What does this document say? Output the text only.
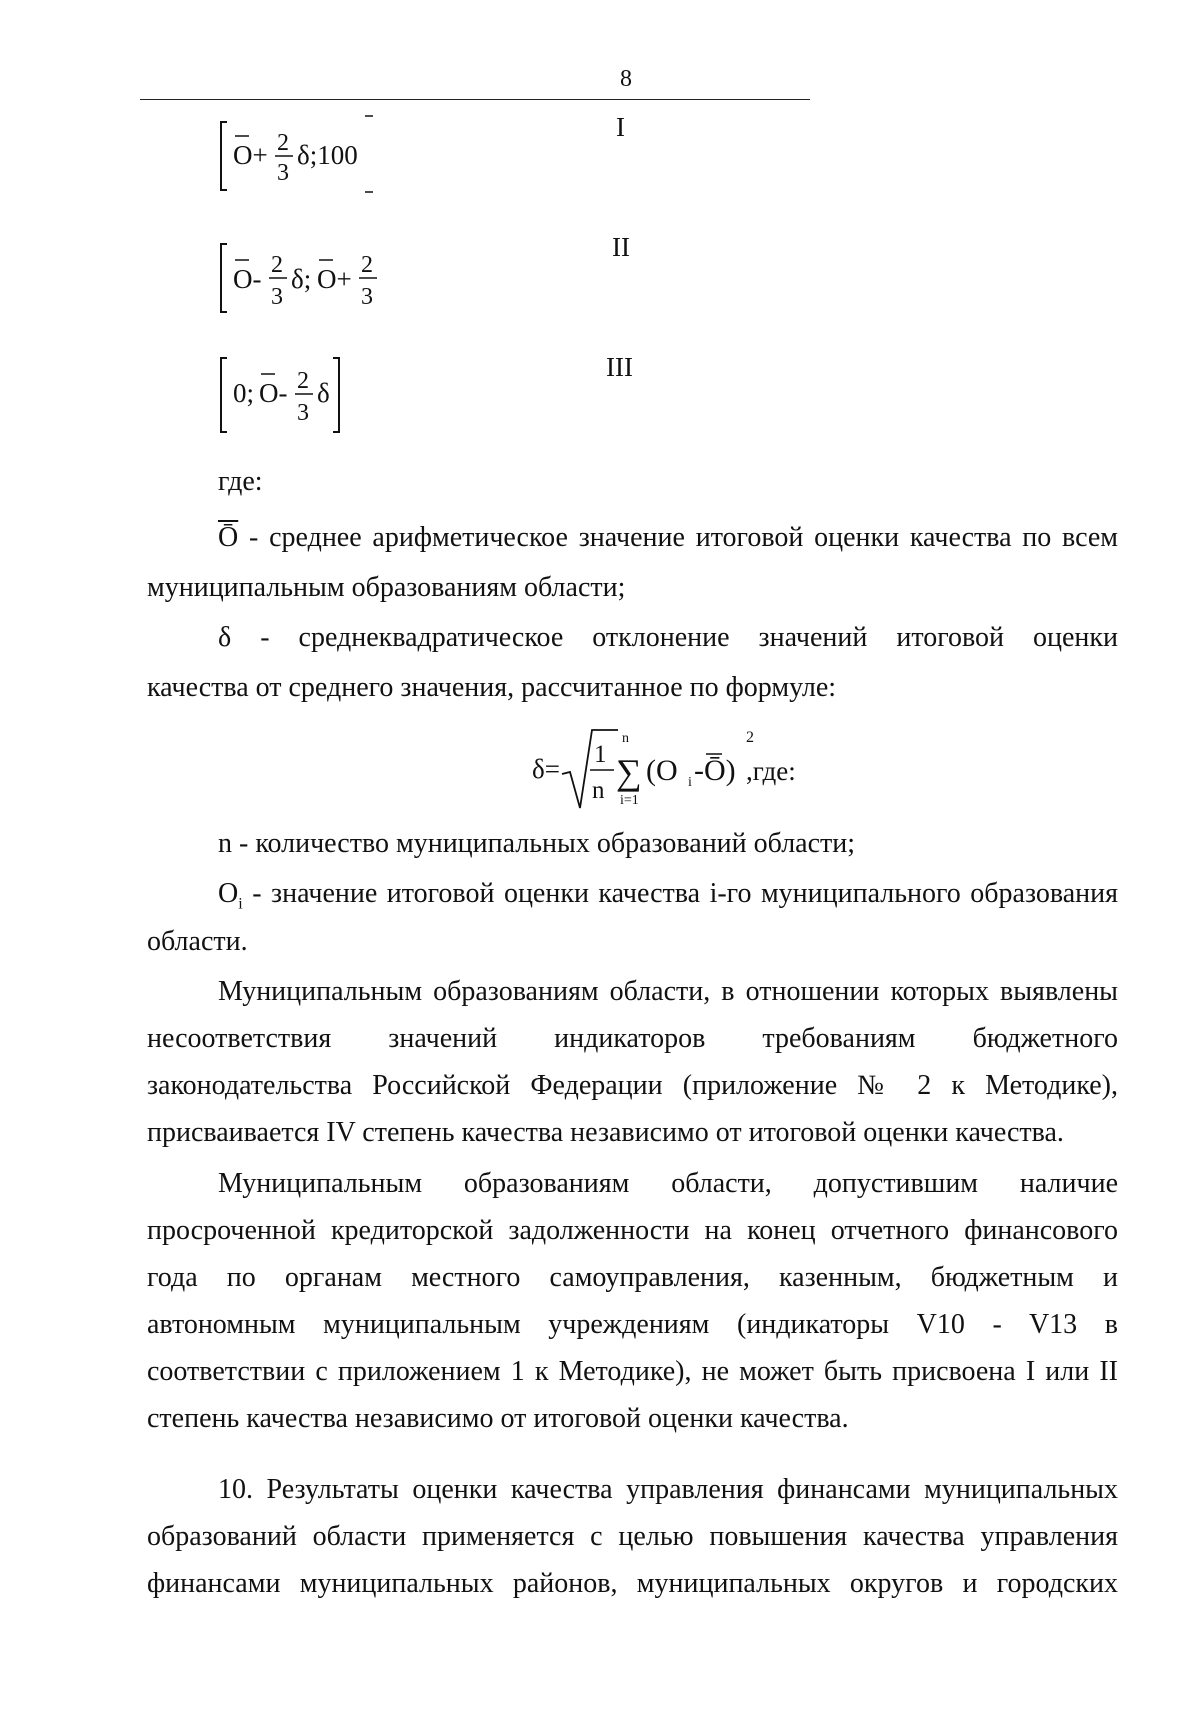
8
O+ 2
3
δ;100
I
O- 2
3
δ; O+ 2
3
II
0; O- 2
3
δ
III
где:
$\overline{Ō}$ - среднее арифметическое значение итоговой оценки качества по всем
муниципальным образованиям области;
δ - среднеквадратическое отклонение значений итоговой оценки
качества от среднего значения, рассчитанное по формуле:
δ= 1
n
n
∑
i=1
(O i -Ō)
2
,где:
n - количество муниципальных образований области;
$O_i$ - значение итоговой оценки качества i-го муниципального образования
области.
Муниципальным образованиям области, в отношении которых выявлены
несоответствия значений индикаторов требованиям бюджетного
законодательства Российской Федерации (приложение № 2 к Методике),
присваивается IV степень качества независимо от итоговой оценки качества.
Муниципальным образованиям области, допустившим наличие
просроченной кредиторской задолженности на конец отчетного финансового
года по органам местного самоуправления, казенным, бюджетным и
автономным муниципальным учреждениям (индикаторы V10 - V13 в
соответствии с приложением 1 к Методике), не может быть присвоена I или II
степень качества независимо от итоговой оценки качества.
10. Результаты оценки качества управления финансами муниципальных
образований области применяется с целью повышения качества управления
финансами муниципальных районов, муниципальных округов и городских
